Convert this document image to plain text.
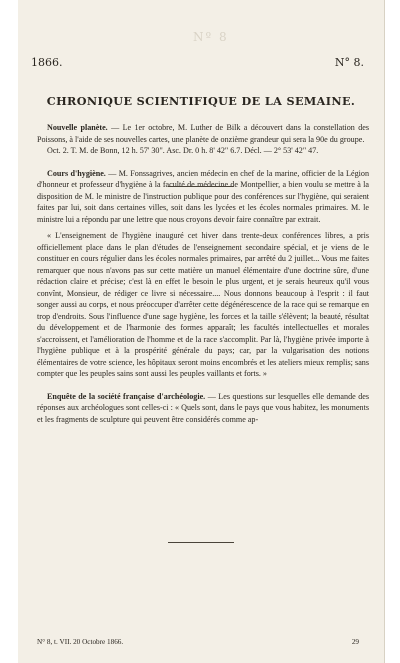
Nº 8
1866.	N° 8.
CHRONIQUE SCIENTIFIQUE DE LA SEMAINE.

Nouvelle planète. — Le 1er octobre, M. Luther de Bilk a découvert dans la constellation des Poissons, à l'aide de ses nouvelles cartes, une planète de onzième grandeur qui sera la 90e du groupe.

Oct. 2. T. M. de Bonn, 12 h. 57' 30". Asc. Dr. 0 h. 8' 42" 6.7. Décl. — 2° 53' 42" 47.

Cours d'hygiène. — M. Fonssagrives, ancien médecin en chef de la marine, officier de la Légion d'honneur et professeur d'hygiène à la faculté de médecine de Montpellier, a bien voulu se mettre à la disposition de M. le ministre de l'instruction publique pour des conférences sur l'hygiène, qui seraient faites par lui, soit dans certaines villes, soit dans les lycées et les écoles normales primaires. M. le ministre lui a répondu par une lettre que nous croyons devoir faire connaître par extrait.

« L'enseignement de l'hygiène inauguré cet hiver dans trente-deux conférences libres, a pris officiellement place dans le plan d'études de l'enseignement secondaire spécial, et je viens de le constituer en cours régulier dans les écoles normales primaires, par arrêté du 2 juillet... Vous me faites remarquer que nous n'avons pas sur cette matière un manuel élémentaire d'une doctrine sûre, d'une rédaction claire et précise; c'est là en effet le besoin le plus urgent, et je serais heureux qu'il vous convînt, Monsieur, de rédiger ce livre si nécessaire.... Nous donnons beaucoup à l'esprit : il faut songer aussi au corps, et nous préoccuper d'arrêter cette dégénérescence de la race qui se remarque en trop d'endroits. Sous l'influence d'une sage hygiène, les forces et la taille s'élèvent; la beauté, résultat du développement et de l'harmonie des formes apparaît; les facultés intellectuelles et morales s'accroissent, et l'amélioration de l'homme et de la race s'accomplit. Par là, l'hygiène privée importe à l'hygiène publique et à la prospérité générale du pays; car, par la vulgarisation des notions élémentaires de votre science, les hôpitaux seront moins encombrés et les ateliers mieux remplis; sans compter que les peuples sains sont aussi les peuples vaillants et forts. »

Enquête de la société française d'archéologie. — Les questions sur lesquelles elle demande des réponses aux archéologues sont celles-ci : « Quels sont, dans le pays que vous habitez, les monuments et les fragments de sculpture qui peuvent être considérés comme ap-

N° 8, t. VII. 20 Octobre 1866.	29
